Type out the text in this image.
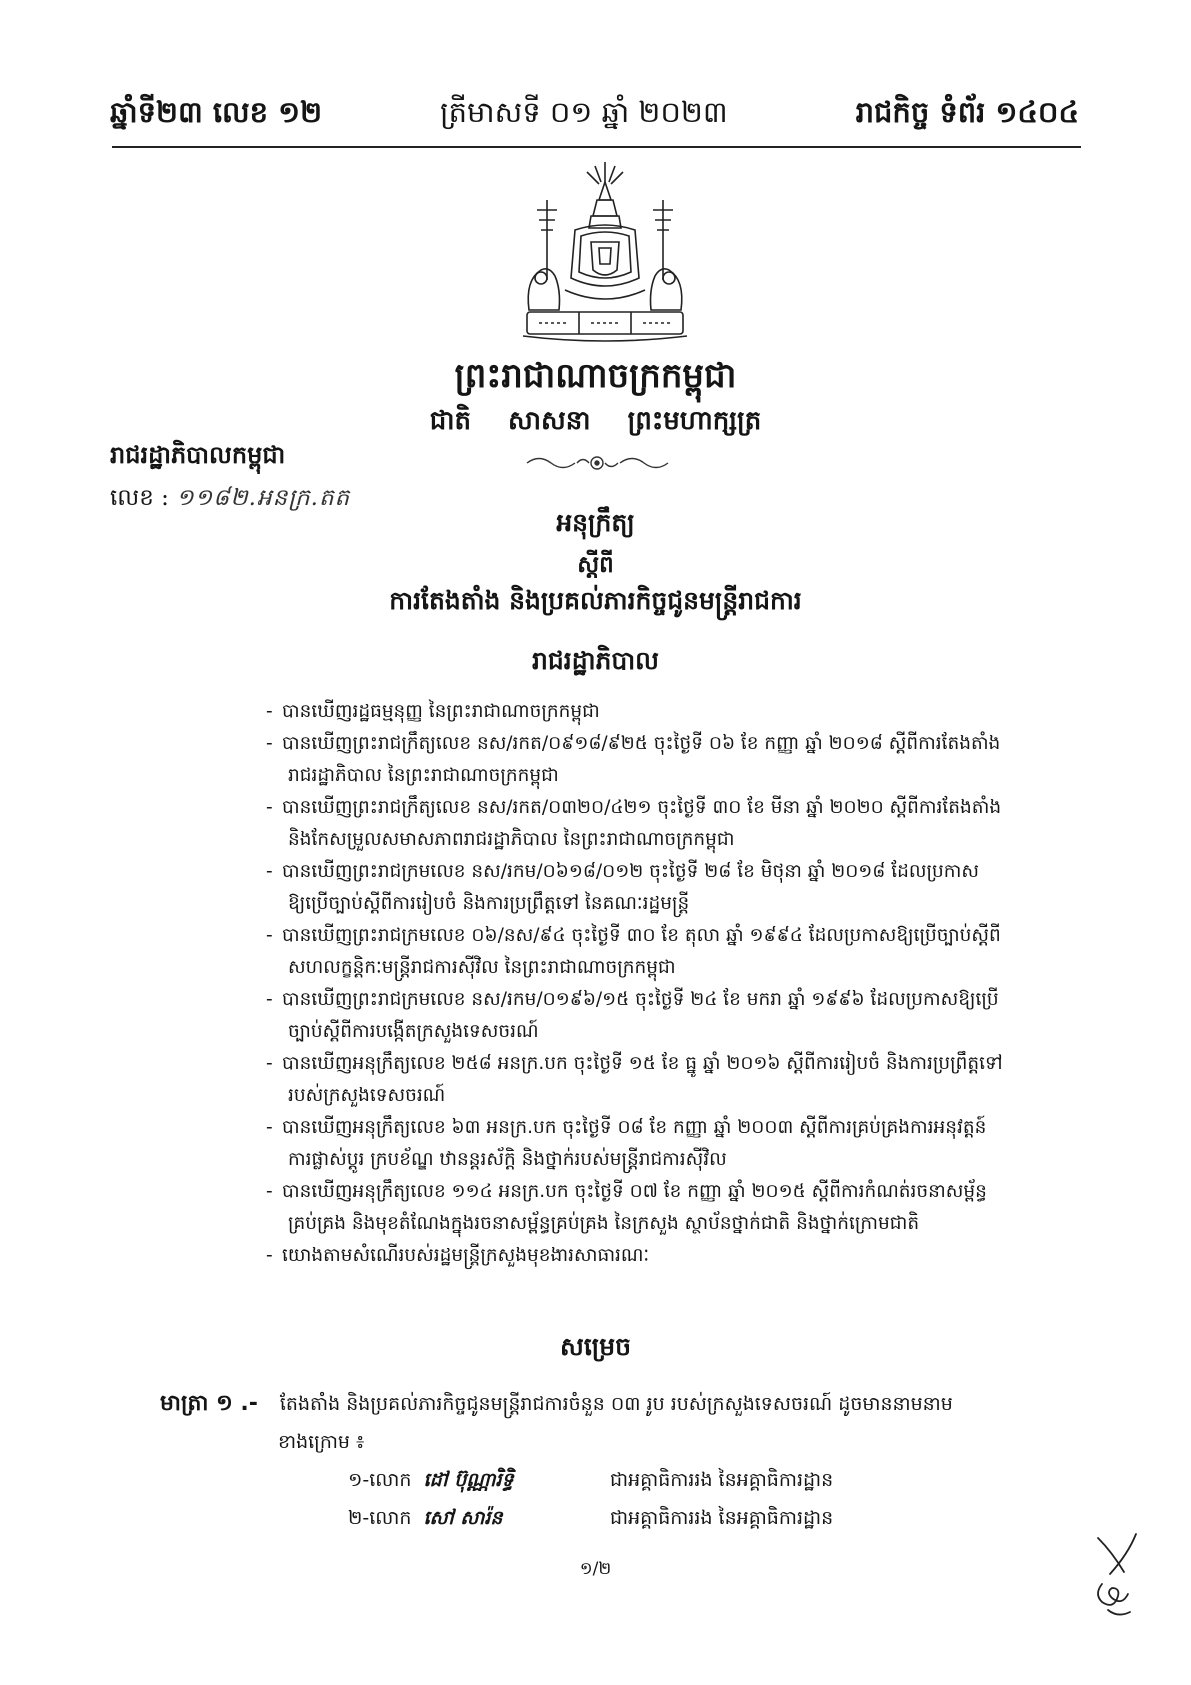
ឆ្នាំទី២៣ លេខ ១២	ត្រីមាសទី ០១ ឆ្នាំ ២០២៣	រាជកិច្ច ទំព័រ ១៤០៤
ព្រះរាជាណាចក្រកម្ពុជា
ជាតិ សាសនា ព្រះមហាក្សត្រ
រាជរដ្ឋាភិបាលកម្ពុជា
លេខ : ១១៨២.អនក្រ.តត
អនុក្រឹត្យ
ស្តីពី
ការតែងតាំង និងប្រគល់ភារកិច្ចជូនមន្ត្រីរាជការ
រាជរដ្ឋាភិបាល
- បានឃើញរដ្ឋធម្មនុញ្ញ នៃព្រះរាជាណាចក្រកម្ពុជា
- បានឃើញព្រះរាជក្រឹត្យលេខ នស/រកត/០៩១៨/៩២៥ ចុះថ្ងៃទី ០៦ ខែ កញ្ញា ឆ្នាំ ២០១៨ ស្តីពីការតែងតាំង
រាជរដ្ឋាភិបាល នៃព្រះរាជាណាចក្រកម្ពុជា
- បានឃើញព្រះរាជក្រឹត្យលេខ នស/រកត/០៣២០/៤២១ ចុះថ្ងៃទី ៣០ ខែ មីនា ឆ្នាំ ២០២០ ស្តីពីការតែងតាំង
និងកែសម្រួលសមាសភាពរាជរដ្ឋាភិបាល នៃព្រះរាជាណាចក្រកម្ពុជា
- បានឃើញព្រះរាជក្រមលេខ នស/រកម/០៦១៨/០១២ ចុះថ្ងៃទី ២៨ ខែ មិថុនា ឆ្នាំ ២០១៨ ដែលប្រកាស
ឱ្យប្រើច្បាប់ស្តីពីការរៀបចំ និងការប្រព្រឹត្តទៅ នៃគណៈរដ្ឋមន្ត្រី
- បានឃើញព្រះរាជក្រមលេខ ០៦/នស/៩៤ ចុះថ្ងៃទី ៣០ ខែ តុលា ឆ្នាំ ១៩៩៤ ដែលប្រកាសឱ្យប្រើច្បាប់ស្តីពី
សហលក្ខន្តិកៈមន្ត្រីរាជការស៊ីវិល នៃព្រះរាជាណាចក្រកម្ពុជា
- បានឃើញព្រះរាជក្រមលេខ នស/រកម/០១៩៦/១៥ ចុះថ្ងៃទី ២៤ ខែ មករា ឆ្នាំ ១៩៩៦ ដែលប្រកាសឱ្យប្រើ
ច្បាប់ស្តីពីការបង្កើតក្រសួងទេសចរណ៍
- បានឃើញអនុក្រឹត្យលេខ ២៥៨ អនក្រ.បក ចុះថ្ងៃទី ១៥ ខែ ធ្នូ ឆ្នាំ ២០១៦ ស្តីពីការរៀបចំ និងការប្រព្រឹត្តទៅ
របស់ក្រសួងទេសចរណ៍
- បានឃើញអនុក្រឹត្យលេខ ៦៣ អនក្រ.បក ចុះថ្ងៃទី ០៨ ខែ កញ្ញា ឆ្នាំ ២០០៣ ស្តីពីការគ្រប់គ្រងការអនុវត្តន៍
ការផ្លាស់ប្តូរ ក្របខ័ណ្ឌ ឋានន្តរស័ក្តិ និងថ្នាក់របស់មន្ត្រីរាជការស៊ីវិល
- បានឃើញអនុក្រឹត្យលេខ ១១៤ អនក្រ.បក ចុះថ្ងៃទី ០៧ ខែ កញ្ញា ឆ្នាំ ២០១៥ ស្តីពីការកំណត់រចនាសម្ព័ន្ធ
គ្រប់គ្រង និងមុខតំណែងក្នុងរចនាសម្ព័ន្ធគ្រប់គ្រង នៃក្រសួង ស្ថាប័នថ្នាក់ជាតិ និងថ្នាក់ក្រោមជាតិ
- យោងតាមសំណើរបស់រដ្ឋមន្ត្រីក្រសួងមុខងារសាធារណៈ
សម្រេច
មាត្រា ១ .- តែងតាំង និងប្រគល់ភារកិច្ចជូនមន្ត្រីរាជការចំនួន ០៣ រូប របស់ក្រសួងទេសចរណ៍ ដូចមាននាមនាម
ខាងក្រោម ៖
១-លោក ដៅ ប៊ុណ្ណារិទ្ធិ	ជាអគ្គាធិការរង នៃអគ្គាធិការដ្ឋាន
២-លោក សៅ សារ៉ន	ជាអគ្គាធិការរង នៃអគ្គាធិការដ្ឋាន
១/២
